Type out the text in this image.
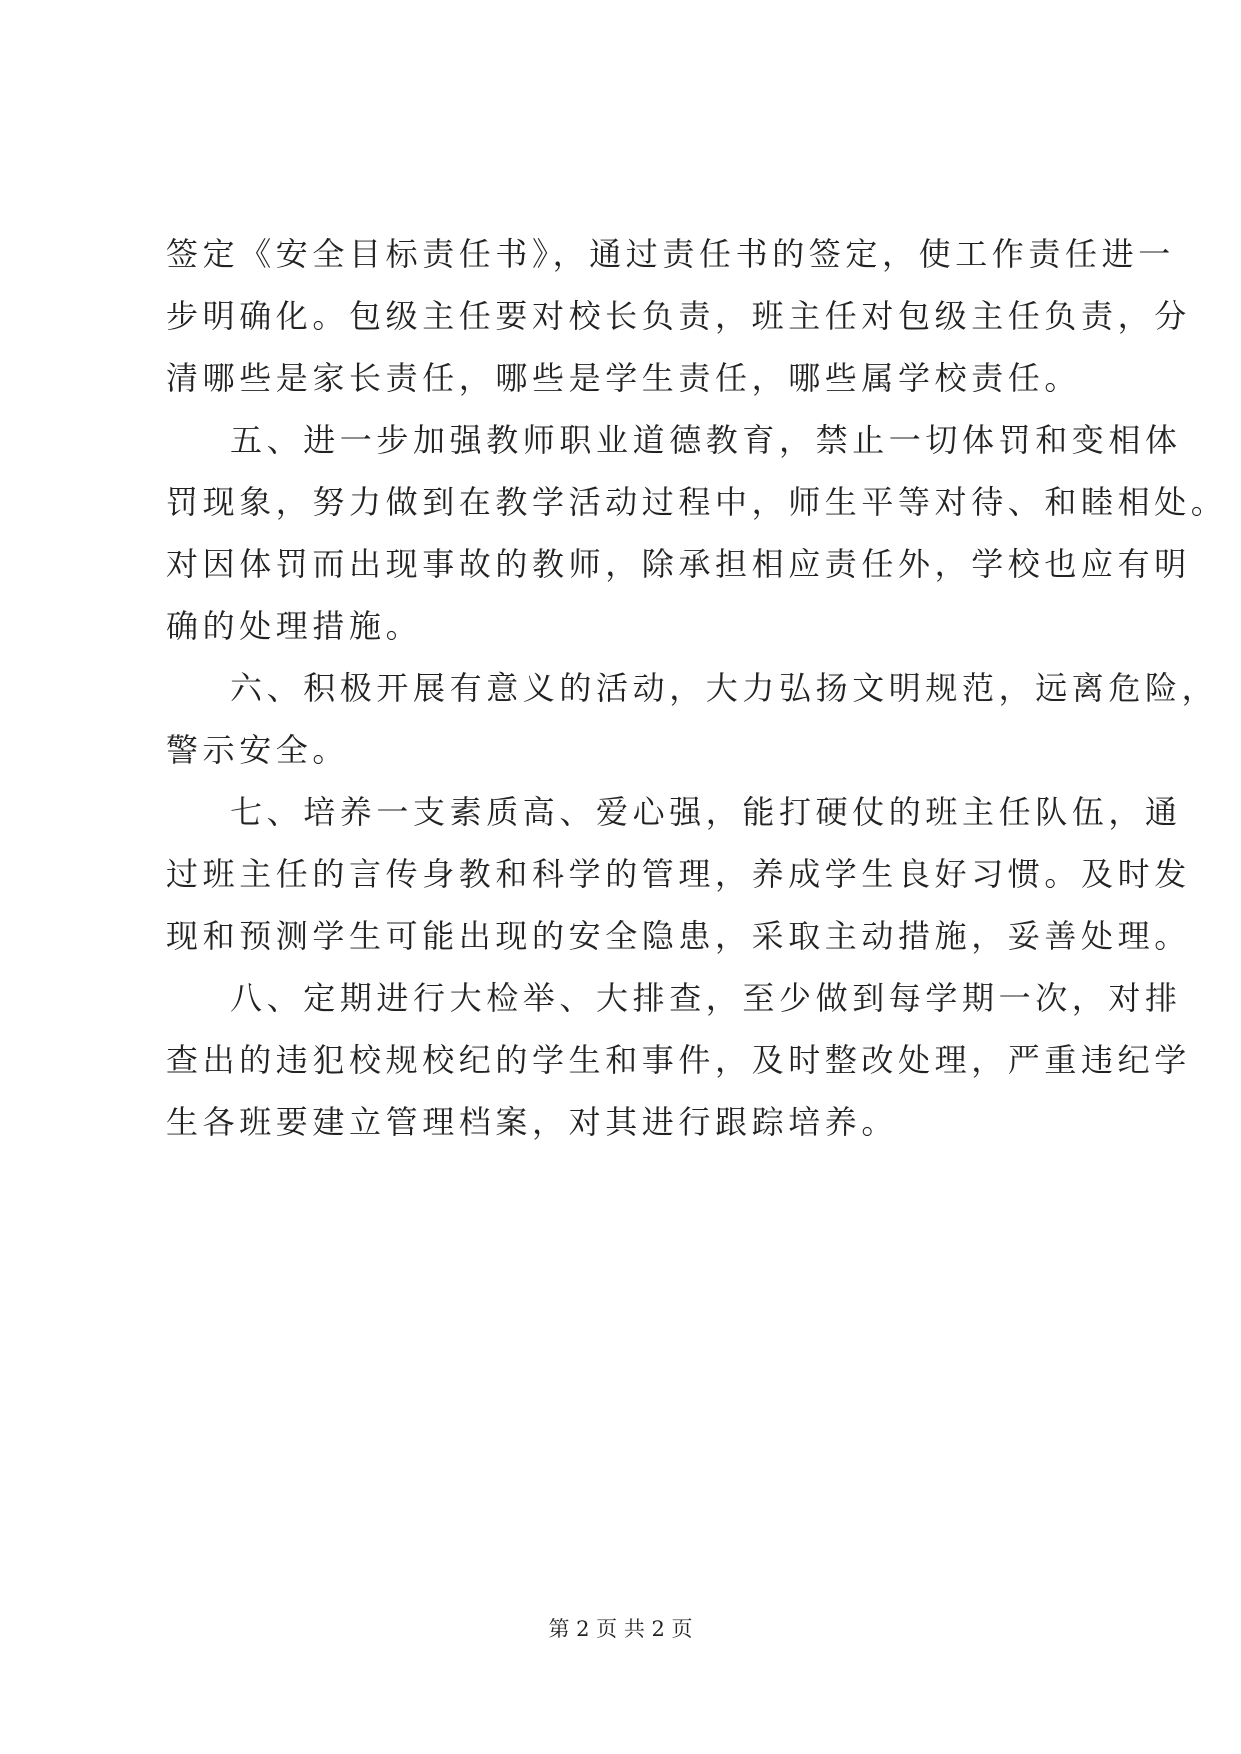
签定《安全目标责任书》，通过责任书的签定，使工作责任进一
步明确化。包级主任要对校长负责，班主任对包级主任负责，分
清哪些是家长责任，哪些是学生责任，哪些属学校责任。
五、进一步加强教师职业道德教育，禁止一切体罚和变相体
罚现象，努力做到在教学活动过程中，师生平等对待、和睦相处。
对因体罚而出现事故的教师，除承担相应责任外，学校也应有明
确的处理措施。
六、积极开展有意义的活动，大力弘扬文明规范，远离危险，
警示安全。
七、培养一支素质高、爱心强，能打硬仗的班主任队伍，通
过班主任的言传身教和科学的管理，养成学生良好习惯。及时发
现和预测学生可能出现的安全隐患，采取主动措施，妥善处理。
八、定期进行大检举、大排查，至少做到每学期一次，对排
查出的违犯校规校纪的学生和事件，及时整改处理，严重违纪学
生各班要建立管理档案，对其进行跟踪培养。
第 2 页 共 2 页
